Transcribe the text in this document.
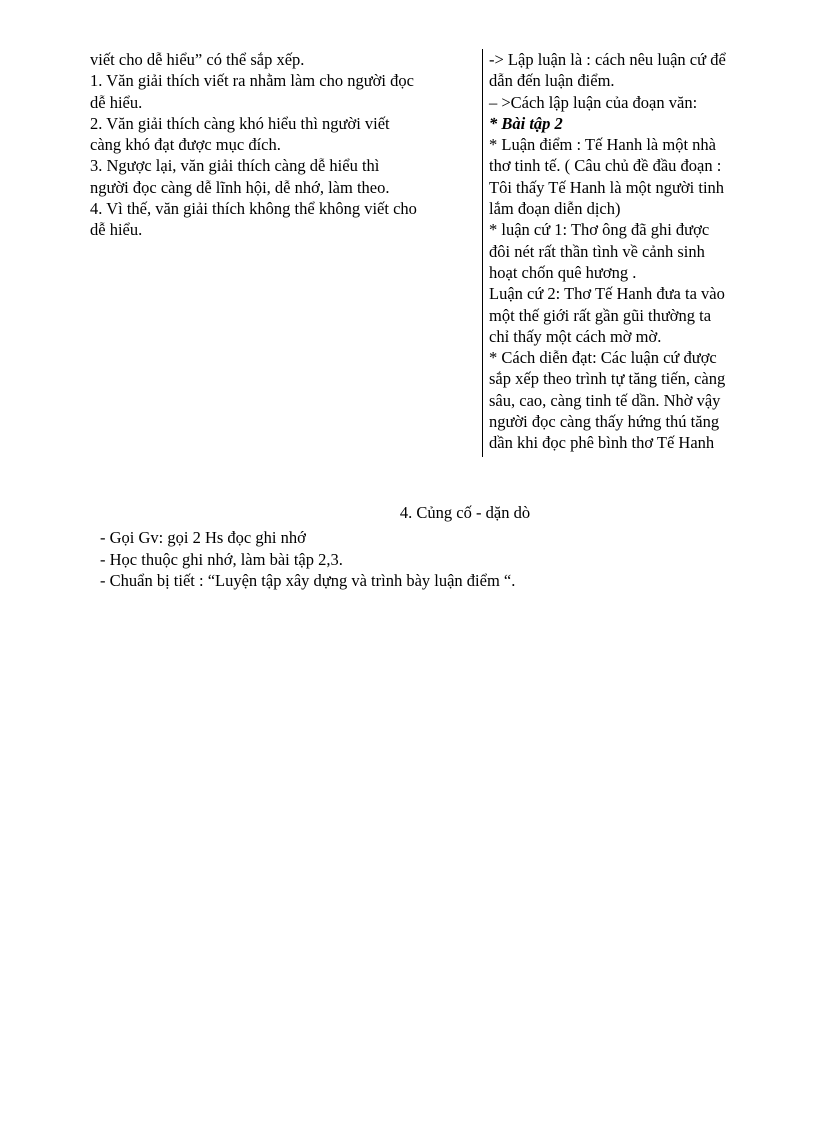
viết cho dễ hiểu” có thể sắp xếp.
1. Văn giải thích viết ra nhằm làm cho người đọc
dễ hiểu.
2. Văn giải thích càng khó hiểu thì người viết
càng khó đạt được mục đích.
3. Ngược lại, văn giải thích càng dễ hiểu thì
người đọc càng dễ lĩnh hội, dễ nhớ, làm theo.
4. Vì thế, văn giải thích không thể không viết cho
dễ hiểu.
-> Lập luận là : cách nêu luận cứ để
dẫn đến luận điểm.
– >Cách lập luận của đoạn văn:
* Bài tập 2
* Luận điểm : Tế Hanh là một nhà
thơ tinh tế. ( Câu chủ đề đầu đoạn :
Tôi thấy Tế Hanh là một người tinh
lắm đoạn diễn dịch)
* luận cứ 1: Thơ ông đã ghi được
đôi nét rất thần tình về cảnh sinh
hoạt chốn quê hương .
Luận cứ 2: Thơ Tế Hanh đưa ta vào
một thế giới rất gần gũi thường ta
chỉ thấy một cách mờ mờ.
* Cách diễn đạt: Các luận cứ được
sắp xếp theo trình tự tăng tiến, càng
sâu, cao, càng tinh tế dần. Nhờ vậy
người đọc càng thấy hứng thú tăng
dần khi đọc phê bình thơ Tế Hanh
4. Củng cố - dặn dò
- Gọi Gv: gọi 2 Hs đọc ghi nhớ
- Học thuộc ghi nhớ, làm bài tập 2,3.
- Chuẩn bị tiết : “Luyện tập xây dựng và trình bày luận điểm “.
